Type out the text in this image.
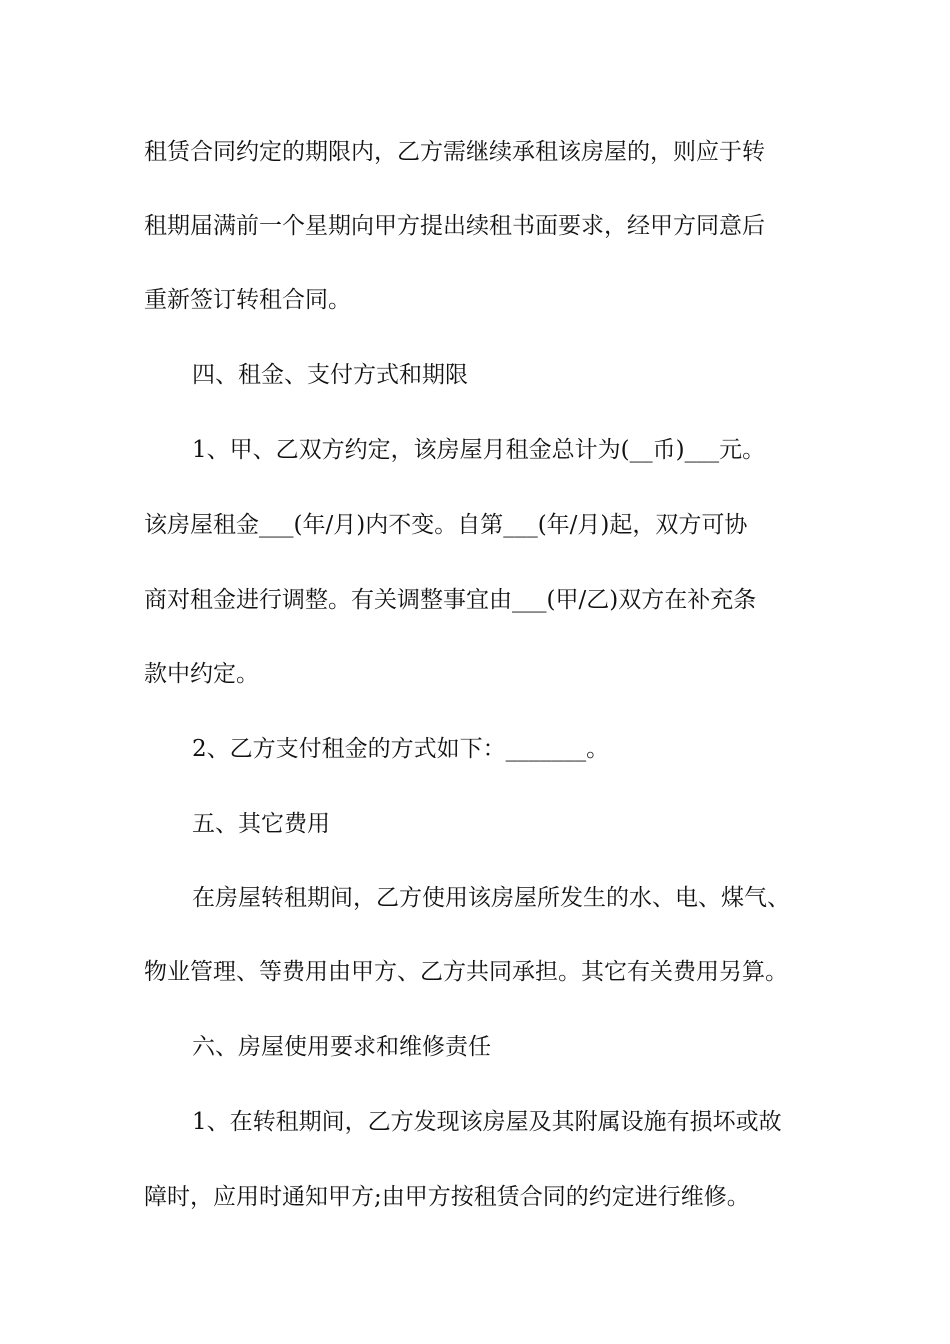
租赁合同约定的期限内，乙方需继续承租该房屋的，则应于转

租期届满前一个星期向甲方提出续租书面要求，经甲方同意后

重新签订转租合同。

四、租金、支付方式和期限

1、甲、乙双方约定，该房屋月租金总计为(__币)___元。

该房屋租金___(年/月)内不变。自第___(年/月)起，双方可协

商对租金进行调整。有关调整事宜由___(甲/乙)双方在补充条

款中约定。

2、乙方支付租金的方式如下：_______。

五、其它费用

在房屋转租期间，乙方使用该房屋所发生的水、电、煤气、

物业管理、等费用由甲方、乙方共同承担。其它有关费用另算。

六、房屋使用要求和维修责任

1、在转租期间，乙方发现该房屋及其附属设施有损坏或故

障时，应用时通知甲方;由甲方按租赁合同的约定进行维修。
